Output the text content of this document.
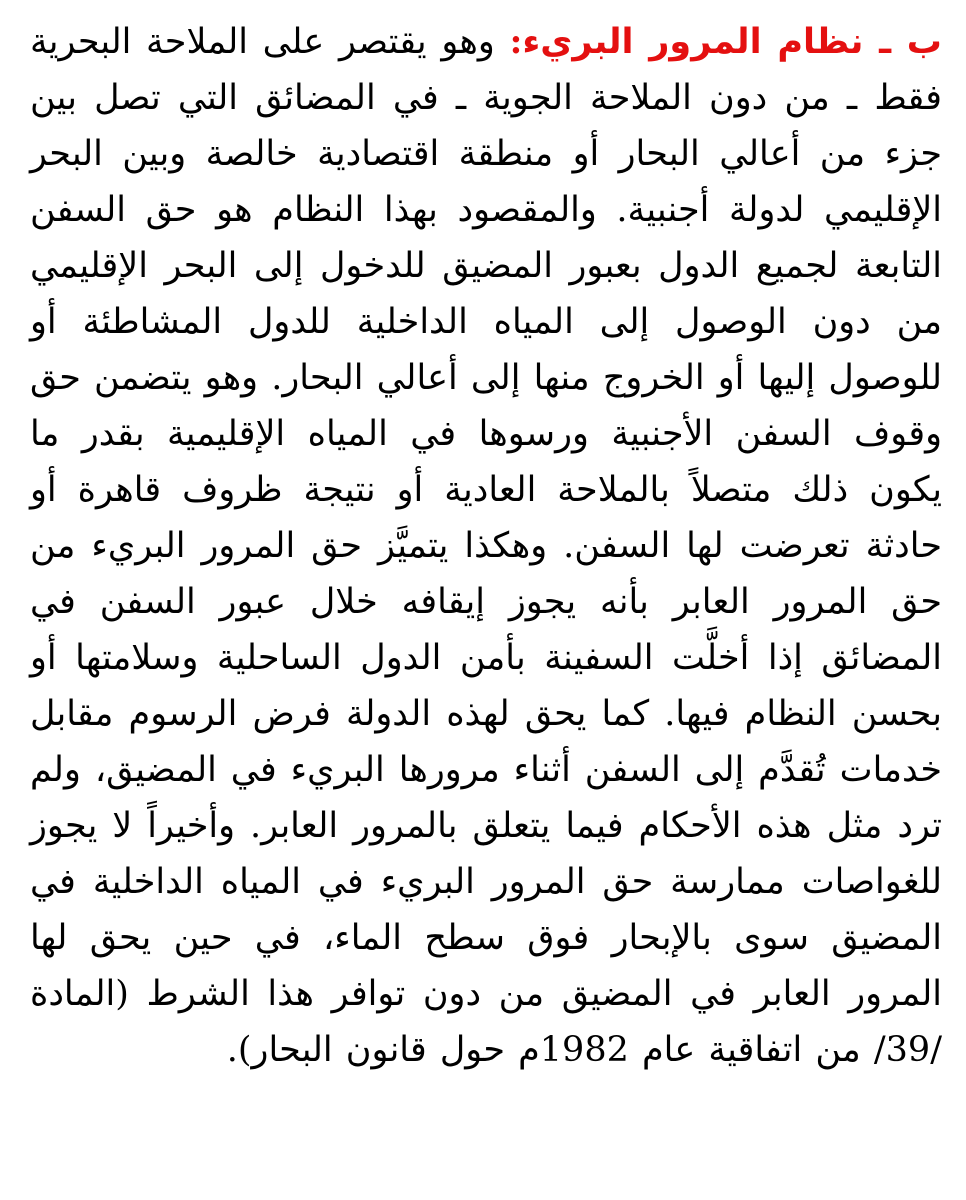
ب ـ نظام المرور البريء: وهو يقتصر على الملاحة البحرية فقط ـ من دون الملاحة الجوية ـ في المضائق التي تصل بين جزء من أعالي البحار أو منطقة اقتصادية خالصة وبين البحر الإقليمي لدولة أجنبية. والمقصود بهذا النظام هو حق السفن التابعة لجميع الدول بعبور المضيق للدخول إلى البحر الإقليمي من دون الوصول إلى المياه الداخلية للدول المشاطئة أو للوصول إليها أو الخروج منها إلى أعالي البحار. وهو يتضمن حق وقوف السفن الأجنبية ورسوها في المياه الإقليمية بقدر ما يكون ذلك متصلاً بالملاحة العادية أو نتيجة ظروف قاهرة أو حادثة تعرضت لها السفن. وهكذا يتميَّز حق المرور البريء من حق المرور العابر بأنه يجوز إيقافه خلال عبور السفن في المضائق إذا أخلَّت السفينة بأمن الدول الساحلية وسلامتها أو بحسن النظام فيها. كما يحق لهذه الدولة فرض الرسوم مقابل خدمات تُقدَّم إلى السفن أثناء مرورها البريء في المضيق، ولم ترد مثل هذه الأحكام فيما يتعلق بالمرور العابر. وأخيراً لا يجوز للغواصات ممارسة حق المرور البريء في المياه الداخلية في المضيق سوى بالإبحار فوق سطح الماء، في حين يحق لها المرور العابر في المضيق من دون توافر هذا الشرط (المادة /39/ من اتفاقية عام 1982م حول قانون البحار).
